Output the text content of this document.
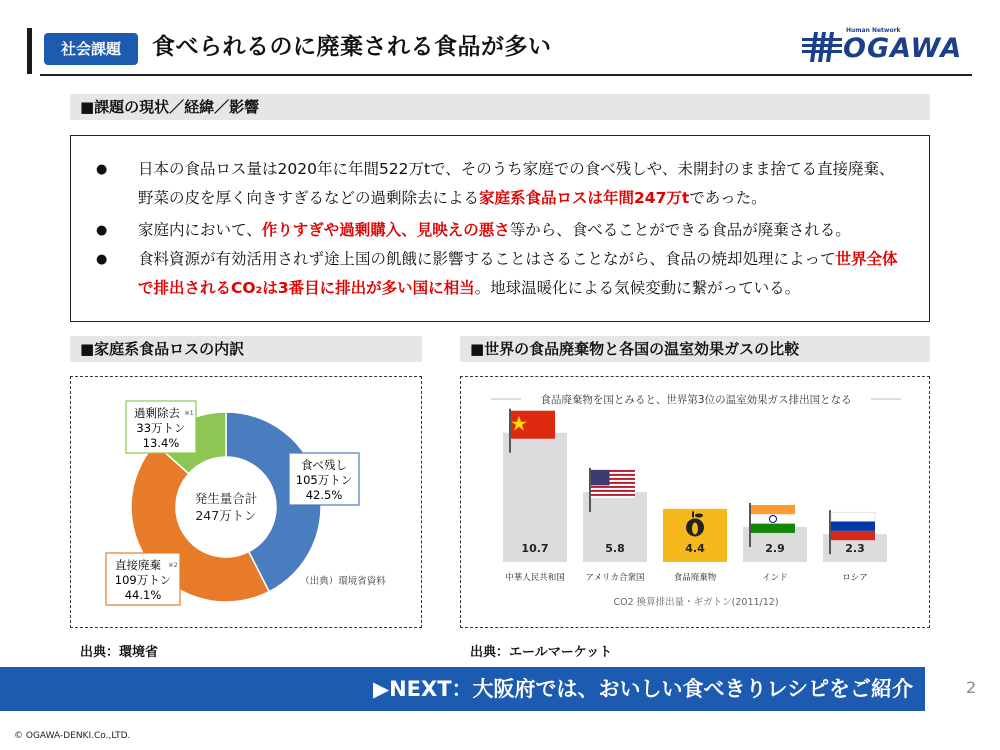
社会課題	食べられるのに廃棄される食品が多い
Human Network
OGAWA
■課題の現状／経緯／影響
● 日本の食品ロス量は2020年に年間522万tで、そのうち家庭での食べ残しや、未開封のまま捨てる直接廃棄、野菜の皮を厚く向きすぎるなどの過剰除去による家庭系食品ロスは年間247万tであった。
● 家庭内において、作りすぎや過剰購入、見映えの悪さ等から、食べることができる食品が廃棄される。
● 食料資源が有効活用されず途上国の飢餓に影響することはさることながら、食品の焼却処理によって世界全体で排出されるCO₂は3番目に排出が多い国に相当。地球温暖化による気候変動に繋がっている。
■家庭系食品ロスの内訳
発生量合計
247万トン
食べ残し
105万トン
42.5%
過剰除去 ※1
33万トン
13.4%
直接廃棄 ※2
109万トン
44.1%
（出典）環境省資料
出典：環境省
■世界の食品廃棄物と各国の温室効果ガスの比較
食品廃棄物を国とみると、世界第3位の温室効果ガス排出国となる
10.7
中華人民共和国
5.8
アメリカ合衆国
4.4
食品廃棄物
2.9
インド
2.3
ロシア
CO2 換算排出量・ギガトン(2011/12)
出典：エールマーケット
▶NEXT：大阪府では、おいしい食べきりレシピをご紹介	2
© OGAWA-DENKI.Co.,LTD.
